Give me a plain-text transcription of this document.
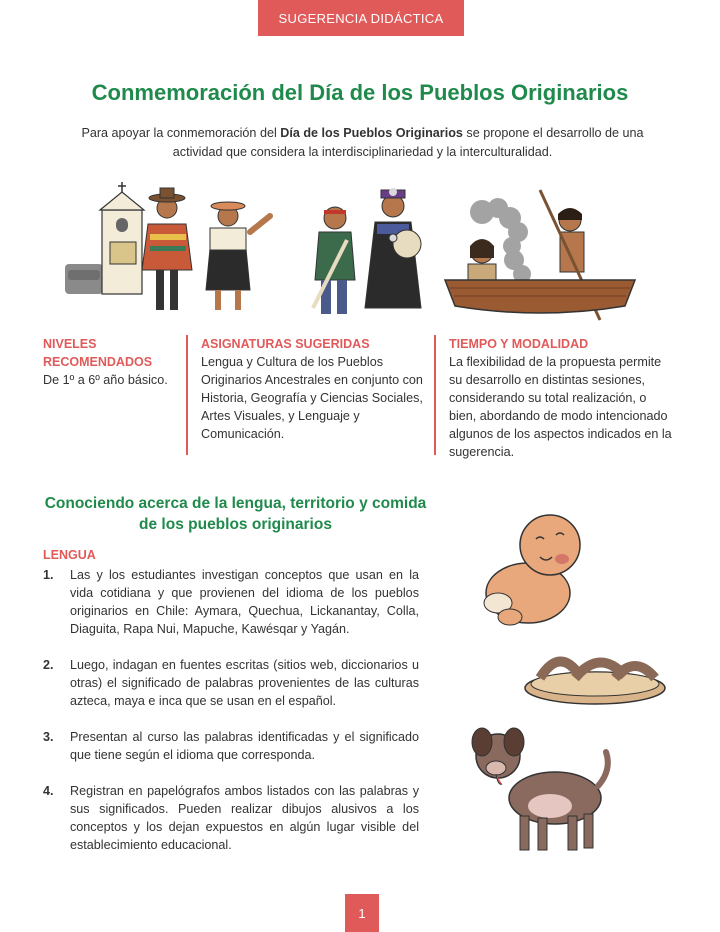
SUGERENCIA DIDÁCTICA
Conmemoración del Día de los Pueblos Originarios

Para apoyar la conmemoración del Día de los Pueblos Originarios se propone el desarrollo de una actividad que considera la interdisciplinariedad y la interculturalidad.

NIVELES RECOMENDADOS
De 1º a 6º año básico.
ASIGNATURAS SUGERIDAS
Lengua y Cultura de los Pueblos Originarios Ancestrales en conjunto con Historia, Geografía y Ciencias Sociales, Artes Visuales, y Lenguaje y Comunicación.
TIEMPO Y MODALIDAD
La flexibilidad de la propuesta permite su desarrollo en distintas sesiones, considerando su total realización, o bien, abordando de modo intencionado algunos de los aspectos indicados en la sugerencia.
Conociendo acerca de la lengua, territorio y comida de los pueblos originarios
LENGUA
1.	Las y los estudiantes investigan conceptos que usan en la vida cotidiana y que provienen del idioma de los pueblos originarios en Chile: Aymara, Quechua, Lickanantay, Colla, Diaguita, Rapa Nui, Mapuche, Kawésqar y Yagán.
2.	Luego, indagan en fuentes escritas (sitios web, diccionarios u otras) el significado de palabras provenientes de las culturas azteca, maya e inca que se usan en el español.
3.	Presentan al curso las palabras identificadas y el significado que tiene según el idioma que corresponda.
4.	Registran en papelógrafos ambos listados con las palabras y sus significados. Pueden realizar dibujos alusivos a los conceptos y los dejan expuestos en algún lugar visible del establecimiento educacional.
1
